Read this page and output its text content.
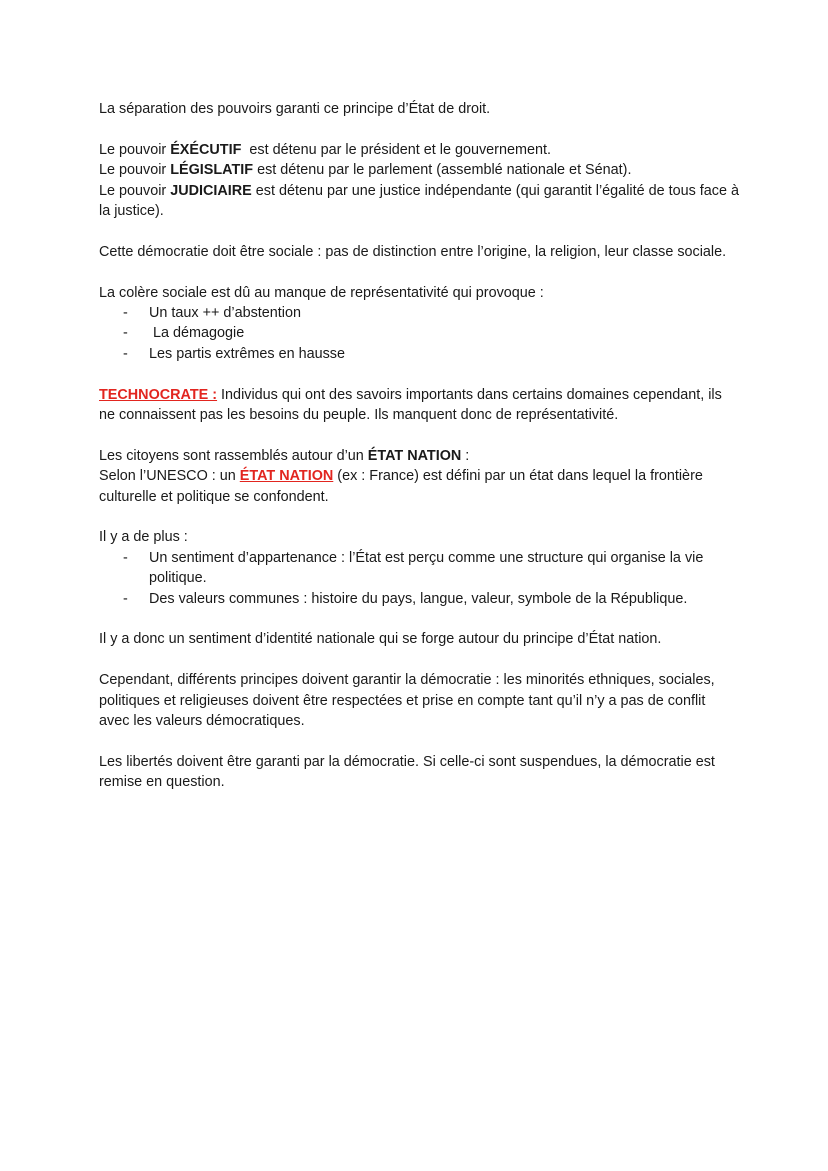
La séparation des pouvoirs garanti ce principe d’État de droit.

Le pouvoir ÉXÉCUTIF  est détenu par le président et le gouvernement.
Le pouvoir LÉGISLATIF est détenu par le parlement (assemblé nationale et Sénat).
Le pouvoir JUDICIAIRE est détenu par une justice indépendante (qui garantit l’égalité de tous face à la justice).

Cette démocratie doit être sociale : pas de distinction entre l’origine, la religion, leur classe sociale.

La colère sociale est dû au manque de représentativité qui provoque :

- Un taux ++ d’abstention
- La démagogie
- Les partis extrêmes en hausse

TECHNOCRATE : Individus qui ont des savoirs importants dans certains domaines cependant, ils ne connaissent pas les besoins du peuple. Ils manquent donc de représentativité.

Les citoyens sont rassemblés autour d’un ÉTAT NATION :
Selon l’UNESCO : un ÉTAT NATION (ex : France) est défini par un état dans lequel la frontière culturelle et politique se confondent.

Il y a de plus :

- Un sentiment d’appartenance : l’État est perçu comme une structure qui organise la vie politique.
- Des valeurs communes : histoire du pays, langue, valeur, symbole de la République.

Il y a donc un sentiment d’identité nationale qui se forge autour du principe d’État nation.

Cependant, différents principes doivent garantir la démocratie : les minorités ethniques, sociales, politiques et religieuses doivent être respectées et prise en compte tant qu’il n’y a pas de conflit avec les valeurs démocratiques.

Les libertés doivent être garanti par la démocratie. Si celle-ci sont suspendues, la démocratie est remise en question.
